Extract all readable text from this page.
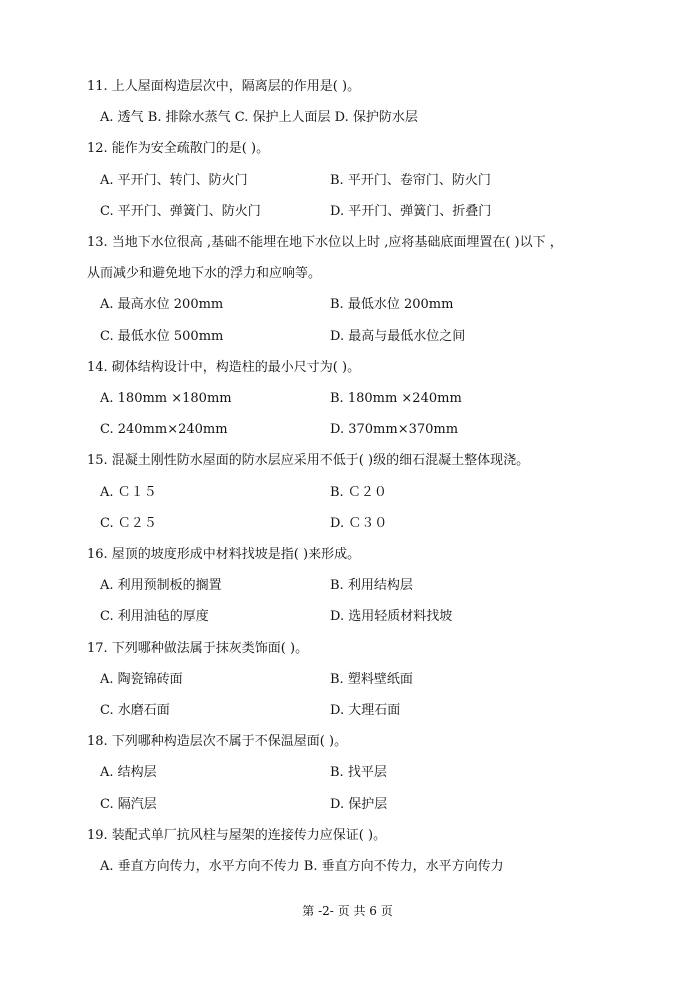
11. 上人屋面构造层次中，隔离层的作用是( )。
A. 透气 B. 排除水蒸气 C. 保护上人面层 D. 保护防水层
12. 能作为安全疏散门的是( )。
A. 平开门、转门、防火门	B. 平开门、卷帘门、防火门
C. 平开门、弹簧门、防火门	D. 平开门、弹簧门、折叠门
13. 当地下水位很高 ,基础不能埋在地下水位以上时 ,应将基础底面埋置在( )以下 ，
从而减少和避免地下水的浮力和应响等。
A. 最高水位 200mm	B. 最低水位 200mm
C. 最低水位 500mm	D. 最高与最低水位之间
14. 砌体结构设计中，构造柱的最小尺寸为( )。
A. 180mm ×180mm	B. 180mm ×240mm
C. 240mm×240mm	D. 370mm×370mm
15. 混凝土刚性防水屋面的防水层应采用不低于( )级的细石混凝土整体现浇。
A. Ｃ１５	B. Ｃ２０
C. Ｃ２５	D. Ｃ３０
16. 屋顶的坡度形成中材料找坡是指( )来形成。
A. 利用预制板的搁置	B. 利用结构层
C. 利用油毡的厚度	D. 选用轻质材料找坡
17. 下列哪种做法属于抹灰类饰面( )。
A. 陶瓷锦砖面	B. 塑料壁纸面
C. 水磨石面	D. 大理石面
18. 下列哪种构造层次不属于不保温屋面( )。
A. 结构层	B. 找平层
C. 隔汽层	D. 保护层
19. 装配式单厂抗风柱与屋架的连接传力应保证( )。
A. 垂直方向传力，水平方向不传力 B. 垂直方向不传力，水平方向传力
第 -2- 页 共 6 页
